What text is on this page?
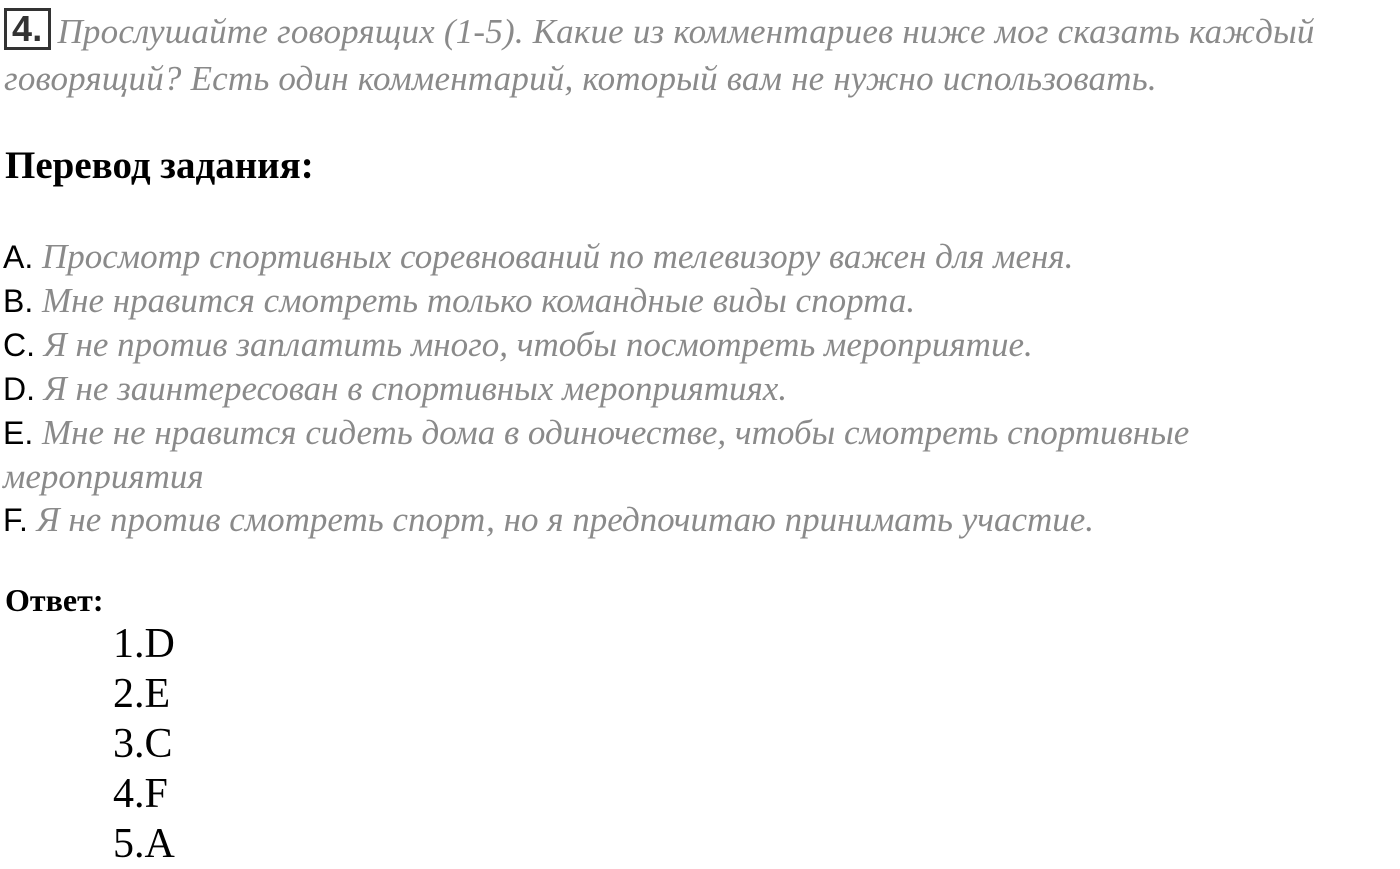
4. Прослушайте говорящих (1-5). Какие из комментариев ниже мог сказать каждый говорящий? Есть один комментарий, который вам не нужно использовать.
Перевод задания:

A. Просмотр спортивных соревнований по телевизору важен для меня.

B. Мне нравится смотреть только командные виды спорта.

C. Я не против заплатить много, чтобы посмотреть мероприятие.

D. Я не заинтересован в спортивных мероприятиях.

E. Мне не нравится сидеть дома в одиночестве, чтобы смотреть спортивные мероприятия

F. Я не против смотреть спорт, но я предпочитаю принимать участие.

Ответ:

1.D
2.E
3.C
4.F
5.A
